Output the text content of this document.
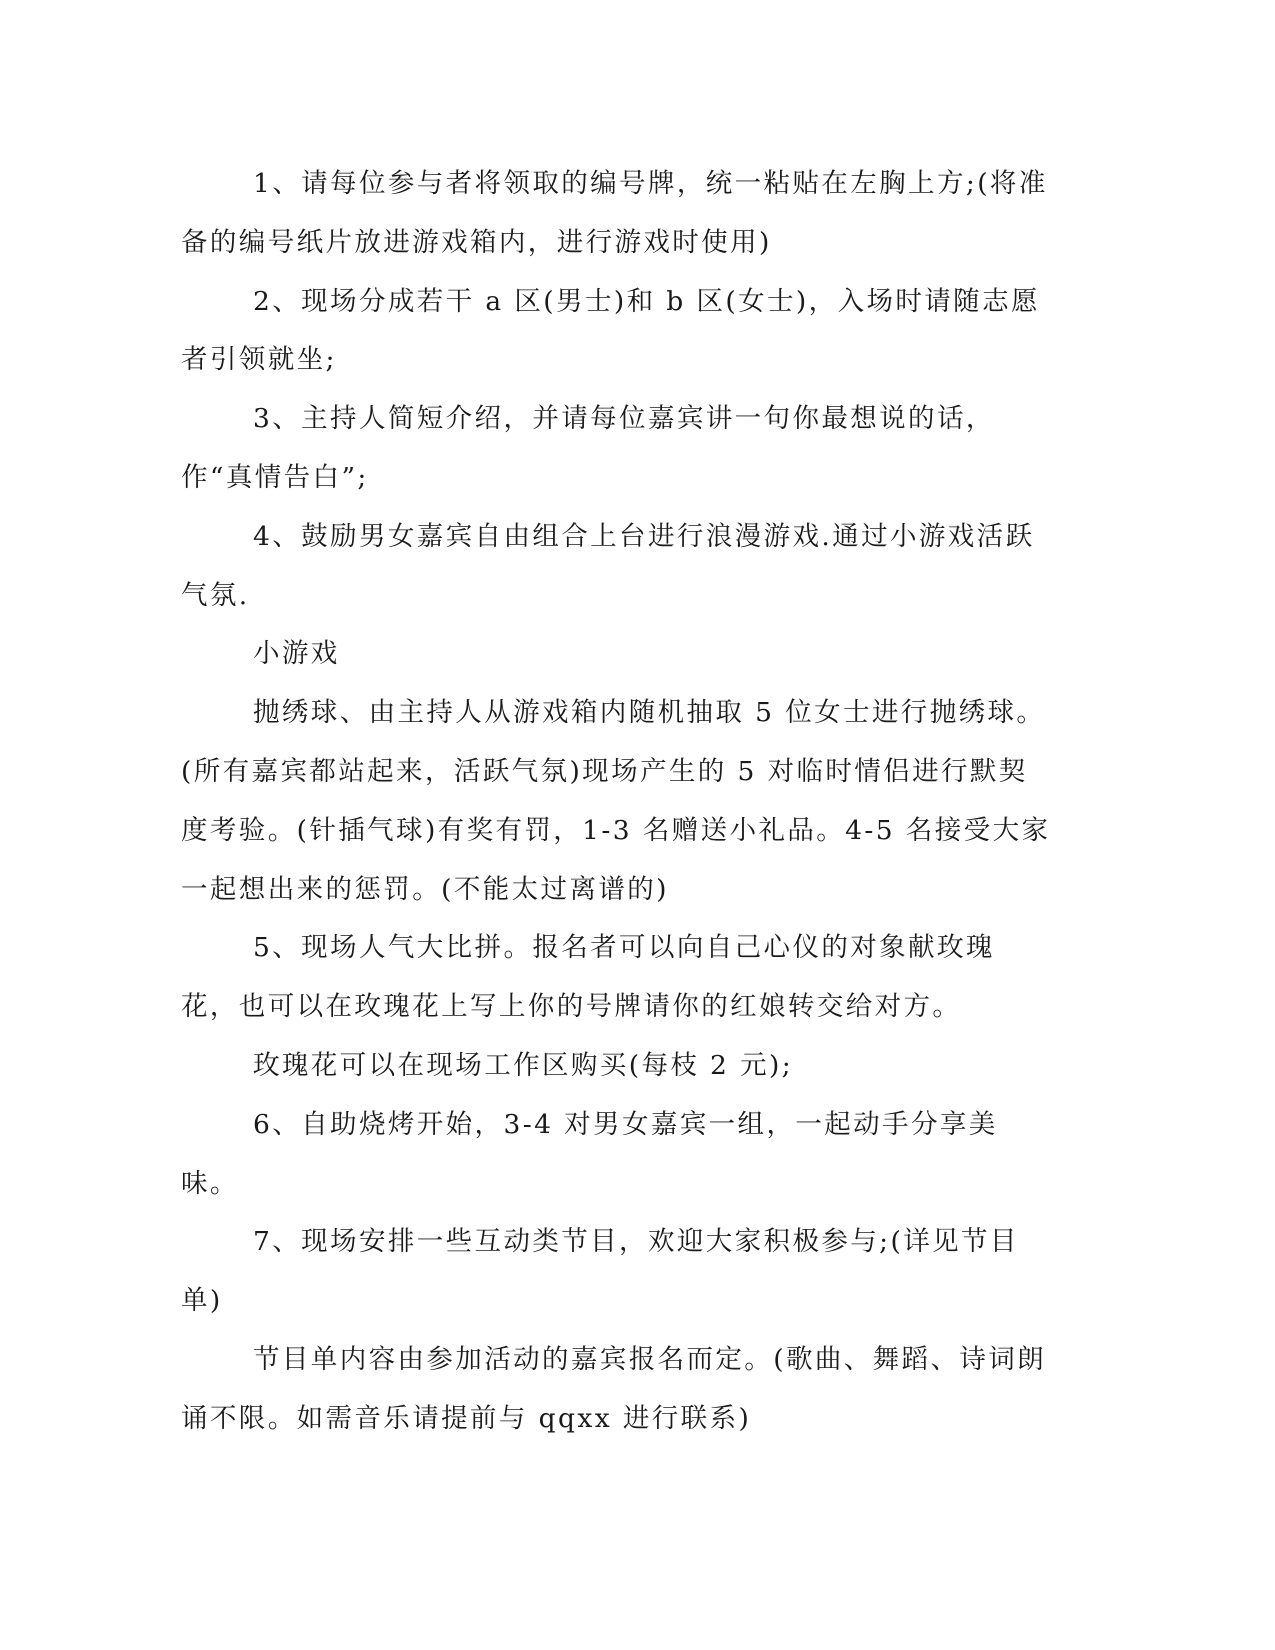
1、请每位参与者将领取的编号牌，统一粘贴在左胸上方;(将准备的编号纸片放进游戏箱内，进行游戏时使用)

2、现场分成若干 a 区(男士)和 b 区(女士)，入场时请随志愿者引领就坐;

3、主持人简短介绍，并请每位嘉宾讲一句你最想说的话，作“真情告白”;

4、鼓励男女嘉宾自由组合上台进行浪漫游戏.通过小游戏活跃气氛.

小游戏

抛绣球、由主持人从游戏箱内随机抽取 5 位女士进行抛绣球。(所有嘉宾都站起来，活跃气氛)现场产生的 5 对临时情侣进行默契度考验。(针插气球)有奖有罚，1-3 名赠送小礼品。4-5 名接受大家一起想出来的惩罚。(不能太过离谱的)

5、现场人气大比拼。报名者可以向自己心仪的对象献玫瑰花，也可以在玫瑰花上写上你的号牌请你的红娘转交给对方。

玫瑰花可以在现场工作区购买(每枝 2 元);

6、自助烧烤开始，3-4 对男女嘉宾一组，一起动手分享美味。

7、现场安排一些互动类节目，欢迎大家积极参与;(详见节目单)

节目单内容由参加活动的嘉宾报名而定。(歌曲、舞蹈、诗词朗诵不限。如需音乐请提前与 qqxx 进行联系)
